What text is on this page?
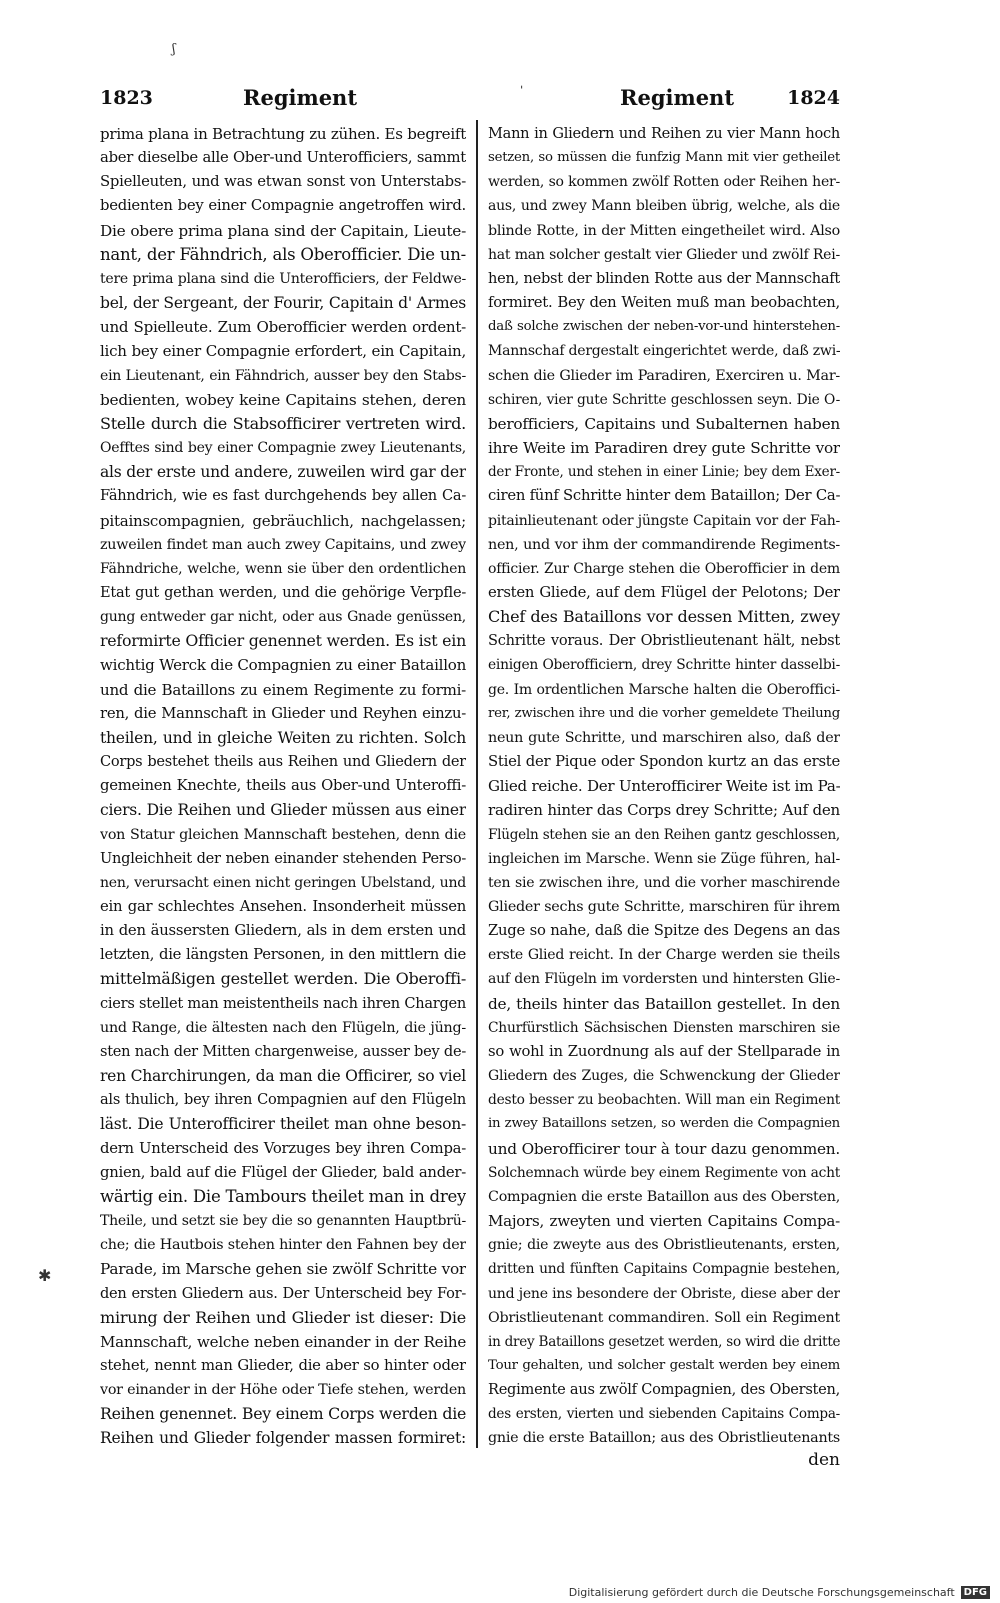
1823	Regiment	ˈ	Regiment	1824
ʃ
✱
prima plana in Betrachtung zu zühen. Es begreift
aber dieselbe alle Ober-und Unterofficiers, sammt
Spielleuten, und was etwan sonst von Unterstabs-
bedienten bey einer Compagnie angetroffen wird.
Die obere prima plana sind der Capitain, Lieute-
nant, der Fähndrich, als Oberofficier. Die un-
tere prima plana sind die Unterofficiers, der Feldwe-
bel, der Sergeant, der Fourir, Capitain d' Armes
und Spielleute. Zum Oberofficier werden ordent-
lich bey einer Compagnie erfordert, ein Capitain,
ein Lieutenant, ein Fähndrich, ausser bey den Stabs-
bedienten, wobey keine Capitains stehen, deren
Stelle durch die Stabsofficirer vertreten wird.
Oefftes sind bey einer Compagnie zwey Lieutenants,
als der erste und andere, zuweilen wird gar der
Fähndrich, wie es fast durchgehends bey allen Ca-
pitainscompagnien, gebräuchlich, nachgelassen;
zuweilen findet man auch zwey Capitains, und zwey
Fähndriche, welche, wenn sie über den ordentlichen
Etat gut gethan werden, und die gehörige Verpfle-
gung entweder gar nicht, oder aus Gnade genüssen,
reformirte Officier genennet werden. Es ist ein
wichtig Werck die Compagnien zu einer Bataillon
und die Bataillons zu einem Regimente zu formi-
ren, die Mannschaft in Glieder und Reyhen einzu-
theilen, und in gleiche Weiten zu richten. Solch
Corps bestehet theils aus Reihen und Gliedern der
gemeinen Knechte, theils aus Ober-und Unteroffi-
ciers. Die Reihen und Glieder müssen aus einer
von Statur gleichen Mannschaft bestehen, denn die
Ungleichheit der neben einander stehenden Perso-
nen, verursacht einen nicht geringen Ubelstand, und
ein gar schlechtes Ansehen. Insonderheit müssen
in den äussersten Gliedern, als in dem ersten und
letzten, die längsten Personen, in den mittlern die
mittelmäßigen gestellet werden. Die Oberoffi-
ciers stellet man meistentheils nach ihren Chargen
und Range, die ältesten nach den Flügeln, die jüng-
sten nach der Mitten chargenweise, ausser bey de-
ren Charchirungen, da man die Officirer, so viel
als thulich, bey ihren Compagnien auf den Flügeln
läst. Die Unterofficirer theilet man ohne beson-
dern Unterscheid des Vorzuges bey ihren Compa-
gnien, bald auf die Flügel der Glieder, bald ander-
wärtig ein. Die Tambours theilet man in drey
Theile, und setzt sie bey die so genannten Hauptbrü-
che; die Hautbois stehen hinter den Fahnen bey der
Parade, im Marsche gehen sie zwölf Schritte vor
den ersten Gliedern aus. Der Unterscheid bey For-
mirung der Reihen und Glieder ist dieser: Die
Mannschaft, welche neben einander in der Reihe
stehet, nennt man Glieder, die aber so hinter oder
vor einander in der Höhe oder Tiefe stehen, werden
Reihen genennet. Bey einem Corps werden die
Reihen und Glieder folgender massen formiret:
Mann in Gliedern und Reihen zu vier Mann hoch
setzen, so müssen die funfzig Mann mit vier getheilet
werden, so kommen zwölf Rotten oder Reihen her-
aus, und zwey Mann bleiben übrig, welche, als die
blinde Rotte, in der Mitten eingetheilet wird. Also
hat man solcher gestalt vier Glieder und zwölf Rei-
hen, nebst der blinden Rotte aus der Mannschaft
formiret. Bey den Weiten muß man beobachten,
daß solche zwischen der neben-vor-und hinterstehen-
Mannschaf dergestalt eingerichtet werde, daß zwi-
schen die Glieder im Paradiren, Exerciren u. Mar-
schiren, vier gute Schritte geschlossen seyn. Die O-
berofficiers, Capitains und Subalternen haben
ihre Weite im Paradiren drey gute Schritte vor
der Fronte, und stehen in einer Linie; bey dem Exer-
ciren fünf Schritte hinter dem Bataillon; Der Ca-
pitainlieutenant oder jüngste Capitain vor der Fah-
nen, und vor ihm der commandirende Regiments-
officier. Zur Charge stehen die Oberofficier in dem
ersten Gliede, auf dem Flügel der Pelotons; Der
Chef des Bataillons vor dessen Mitten, zwey
Schritte voraus. Der Obristlieutenant hält, nebst
einigen Oberofficiern, drey Schritte hinter dasselbi-
ge. Im ordentlichen Marsche halten die Oberoffici-
rer, zwischen ihre und die vorher gemeldete Theilung
neun gute Schritte, und marschiren also, daß der
Stiel der Pique oder Spondon kurtz an das erste
Glied reiche. Der Unterofficirer Weite ist im Pa-
radiren hinter das Corps drey Schritte; Auf den
Flügeln stehen sie an den Reihen gantz geschlossen,
ingleichen im Marsche. Wenn sie Züge führen, hal-
ten sie zwischen ihre, und die vorher maschirende
Glieder sechs gute Schritte, marschiren für ihrem
Zuge so nahe, daß die Spitze des Degens an das
erste Glied reicht. In der Charge werden sie theils
auf den Flügeln im vordersten und hintersten Glie-
de, theils hinter das Bataillon gestellet. In den
Churfürstlich Sächsischen Diensten marschiren sie
so wohl in Zuordnung als auf der Stellparade in
Gliedern des Zuges, die Schwenckung der Glieder
desto besser zu beobachten. Will man ein Regiment
in zwey Bataillons setzen, so werden die Compagnien
und Oberofficirer tour à tour dazu genommen.
Solchemnach würde bey einem Regimente von acht
Compagnien die erste Bataillon aus des Obersten,
Majors, zweyten und vierten Capitains Compa-
gnie; die zweyte aus des Obristlieutenants, ersten,
dritten und fünften Capitains Compagnie bestehen,
und jene ins besondere der Obriste, diese aber der
Obristlieutenant commandiren. Soll ein Regiment
in drey Bataillons gesetzet werden, so wird die dritte
Tour gehalten, und solcher gestalt werden bey einem
Regimente aus zwölf Compagnien, des Obersten,
des ersten, vierten und siebenden Capitains Compa-
gnie die erste Bataillon; aus des Obristlieutenants
den
Digitalisierung gefördert durch die Deutsche Forschungsgemeinschaft DFG
